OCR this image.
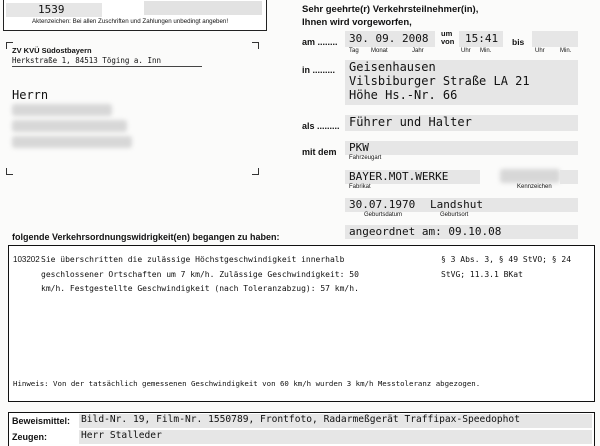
1539
Aktenzeichen: Bei allen Zuschriften und Zahlungen unbedingt angeben!
ZV KVÜ Südostbayern
Herkstraße 1, 84513 Töging a. Inn
Herrn
Sehr geehrte(r) Verkehrsteilnehmer(in),
Ihnen wird vorgeworfen,
am ........ 30. 09. 2008 um
von 15:41 bis
Tag Monat	Jahr	Uhr Min.	Uhr	Min.
in ......... Geisenhausen
Vilsbiburger Straße LA 21
Höhe Hs.-Nr. 66
als ......... Führer und Halter
mit dem PKW
Fahrzeugart
BAYER.MOT.WERKE
Fabrikat	Kennzeichen
30.07.1970 Landshut
Geburtsdatum	Geburtsort
angeordnet am: 09.10.08
folgende Verkehrsordnungswidrigkeit(en) begangen zu haben:
103202 Sie überschritten die zulässige Höchstgeschwindigkeit innerhalb
geschlossener Ortschaften um 7 km/h. Zulässige Geschwindigkeit: 50
km/h. Festgestellte Geschwindigkeit (nach Toleranzabzug): 57 km/h.
§ 3 Abs. 3, § 49 StVO; § 24
StVG; 11.3.1 BKat
Hinweis: Von der tatsächlich gemessenen Geschwindigkeit von 60 km/h wurden 3 km/h Messtoleranz abgezogen.
Beweismittel: Bild-Nr. 19, Film-Nr. 1550789, Frontfoto, Radarmeßgerät Traffipax-Speedophot
Zeugen:	Herr Stalleder
